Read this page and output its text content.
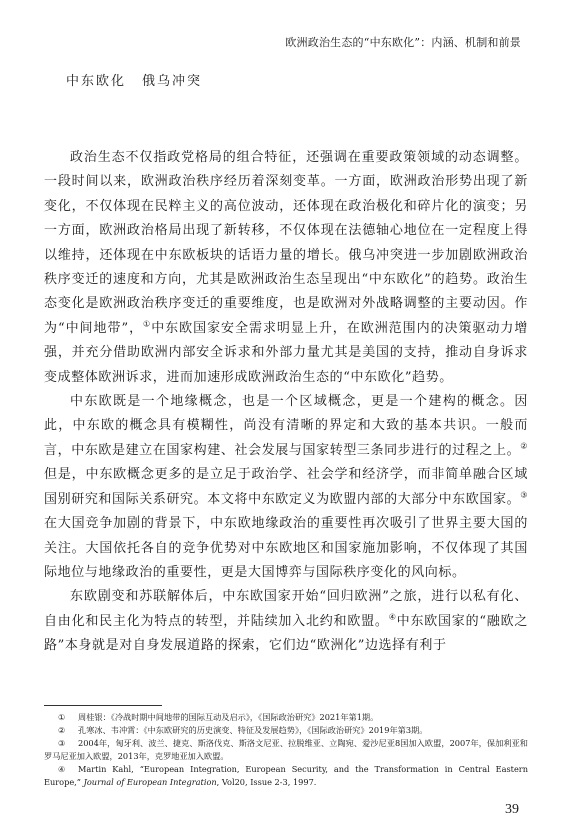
欧洲政治生态的“中东欧化”：内涵、机制和前景
中东欧化 俄乌冲突

政治生态不仅指政党格局的组合特征，还强调在重要政策领域的动态调整。一段时间以来，欧洲政治秩序经历着深刻变革。一方面，欧洲政治形势出现了新变化，不仅体现在民粹主义的高位波动，还体现在政治极化和碎片化的演变；另一方面，欧洲政治格局出现了新转移，不仅体现在法德轴心地位在一定程度上得以维持，还体现在中东欧板块的话语力量的增长。俄乌冲突进一步加剧欧洲政治秩序变迁的速度和方向，尤其是欧洲政治生态呈现出“中东欧化”的趋势。政治生态变化是欧洲政治秩序变迁的重要维度，也是欧洲对外战略调整的主要动因。作为“中间地带”，①中东欧国家安全需求明显上升，在欧洲范围内的决策驱动力增强，并充分借助欧洲内部安全诉求和外部力量尤其是美国的支持，推动自身诉求变成整体欧洲诉求，进而加速形成欧洲政治生态的“中东欧化”趋势。

中东欧既是一个地缘概念，也是一个区域概念，更是一个建构的概念。因此，中东欧的概念具有模糊性，尚没有清晰的界定和大致的基本共识。一般而言，中东欧是建立在国家构建、社会发展与国家转型三条同步进行的过程之上。②但是，中东欧概念更多的是立足于政治学、社会学和经济学，而非简单融合区域国别研究和国际关系研究。本文将中东欧定义为欧盟内部的大部分中东欧国家。③在大国竞争加剧的背景下，中东欧地缘政治的重要性再次吸引了世界主要大国的关注。大国依托各自的竞争优势对中东欧地区和国家施加影响，不仅体现了其国际地位与地缘政治的重要性，更是大国博弈与国际秩序变化的风向标。

东欧剧变和苏联解体后，中东欧国家开始“回归欧洲”之旅，进行以私有化、自由化和民主化为特点的转型，并陆续加入北约和欧盟。④中东欧国家的“融欧之路”本身就是对自身发展道路的探索，它们边“欧洲化”边选择有利于

① 周桂银：《冷战时期中间地带的国际互动及启示》，《国际政治研究》2021年第1期。

② 孔寒冰、韦冲霄：《中东欧研究的历史演变、特征及发展趋势》，《国际政治研究》2019年第3期。

③ 2004年，匈牙利、波兰、捷克、斯洛伐克、斯洛文尼亚、拉脱维亚、立陶宛、爱沙尼亚8国加入欧盟，2007年，保加利亚和罗马尼亚加入欧盟，2013年，克罗地亚加入欧盟。

④ Martin Kahl, “European Integration, European Security, and the Transformation in Central Eastern Europe,” Journal of European Integration, Vol20, Issue 2-3, 1997.

39
